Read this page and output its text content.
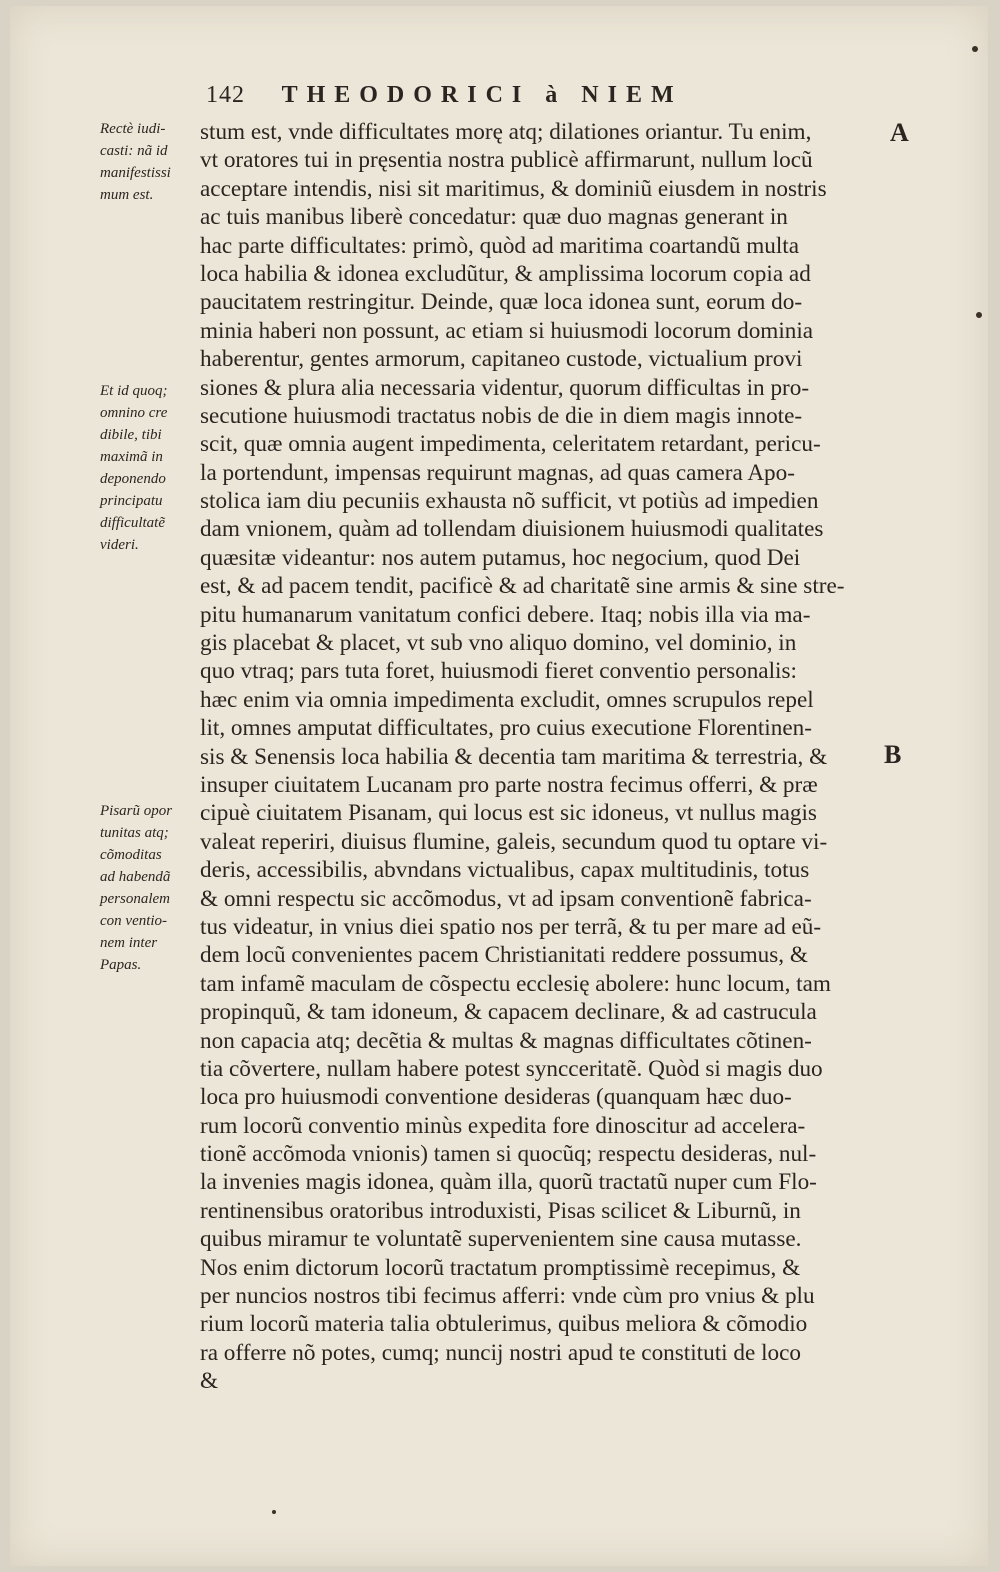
142 THEODORICI à NIEM
A
B
Rectè iudi-
casti: nã id
manifestissi
mum est.
Et id quoq;
omnino cre
dibile, tibi
maximã in
deponendo
principatu
difficultatẽ
videri.
Pisarũ opor
tunitas atq;
cõmoditas
ad habendã
personalem
con ventio-
nem inter
Papas.
stum est, vnde difficultates morę atq; dilationes oriantur. Tu enim,
vt oratores tui in pręsentia nostra publicè affirmarunt, nullum locũ
acceptare intendis, nisi sit maritimus, & dominiũ eiusdem in nostris
ac tuis manibus liberè concedatur: quæ duo magnas generant in
hac parte difficultates: primò, quòd ad maritima coartandũ multa
loca habilia & idonea excludũtur, & amplissima locorum copia ad
paucitatem restringitur. Deinde, quæ loca idonea sunt, eorum do-
minia haberi non possunt, ac etiam si huiusmodi locorum dominia
haberentur, gentes armorum, capitaneo custode, victualium provi
siones & plura alia necessaria videntur, quorum difficultas in pro-
secutione huiusmodi tractatus nobis de die in diem magis innote-
scit, quæ omnia augent impedimenta, celeritatem retardant, pericu-
la portendunt, impensas requirunt magnas, ad quas camera Apo-
stolica iam diu pecuniis exhausta nõ sufficit, vt potiùs ad impedien
dam vnionem, quàm ad tollendam diuisionem huiusmodi qualitates
quæsitæ videantur: nos autem putamus, hoc negocium, quod Dei
est, & ad pacem tendit, pacificè & ad charitatẽ sine armis & sine stre-
pitu humanarum vanitatum confici debere. Itaq; nobis illa via ma-
gis placebat & placet, vt sub vno aliquo domino, vel dominio, in
quo vtraq; pars tuta foret, huiusmodi fieret conventio personalis:
hæc enim via omnia impedimenta excludit, omnes scrupulos repel
lit, omnes amputat difficultates, pro cuius executione Florentinen-
sis & Senensis loca habilia & decentia tam maritima & terrestria, &
insuper ciuitatem Lucanam pro parte nostra fecimus offerri, & præ
cipuè ciuitatem Pisanam, qui locus est sic idoneus, vt nullus magis
valeat reperiri, diuisus flumine, galeis, secundum quod tu optare vi-
deris, accessibilis, abvndans victualibus, capax multitudinis, totus
& omni respectu sic accõmodus, vt ad ipsam conventionẽ fabrica-
tus videatur, in vnius diei spatio nos per terrã, & tu per mare ad eũ-
dem locũ convenientes pacem Christianitati reddere possumus, &
tam infamẽ maculam de cõspectu ecclesię abolere: hunc locum, tam
propinquũ, & tam idoneum, & capacem declinare, & ad castrucula
non capacia atq; decẽtia & multas & magnas difficultates cõtinen-
tia cõvertere, nullam habere potest syncceritatẽ. Quòd si magis duo
loca pro huiusmodi conventione desideras (quanquam hæc duo-
rum locorũ conventio minùs expedita fore dinoscitur ad accelera-
tionẽ accõmoda vnionis) tamen si quocũq; respectu desideras, nul-
la invenies magis idonea, quàm illa, quorũ tractatũ nuper cum Flo-
rentinensibus oratoribus introduxisti, Pisas scilicet & Liburnũ, in
quibus miramur te voluntatẽ supervenientem sine causa mutasse.
Nos enim dictorum locorũ tractatum promptissimè recepimus, &
per nuncios nostros tibi fecimus afferri: vnde cùm pro vnius & plu
rium locorũ materia talia obtulerimus, quibus meliora & cõmodio
ra offerre nõ potes, cumq; nuncij nostri apud te constituti de loco
&
